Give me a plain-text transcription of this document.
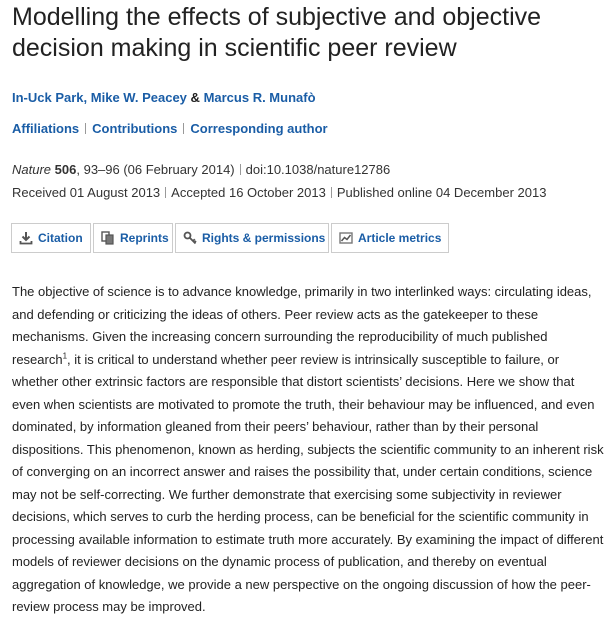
Modelling the effects of subjective and objective decision making in scientific peer review
In-Uck Park, Mike W. Peacey & Marcus R. Munafò
Affiliations Contributions Corresponding author
Nature 506, 93–96 (06 February 2014) doi:10.1038/nature12786
Received 01 August 2013 Accepted 16 October 2013 Published online 04 December 2013
Citation	Reprints	Rights & permissions	Article metrics

The objective of science is to advance knowledge, primarily in two interlinked ways: circulating ideas, and defending or criticizing the ideas of others. Peer review acts as the gatekeeper to these mechanisms. Given the increasing concern surrounding the reproducibility of much published research$^1$, it is critical to understand whether peer review is intrinsically susceptible to failure, or whether other extrinsic factors are responsible that distort scientists’ decisions. Here we show that even when scientists are motivated to promote the truth, their behaviour may be influenced, and even dominated, by information gleaned from their peers’ behaviour, rather than by their personal dispositions. This phenomenon, known as herding, subjects the scientific community to an inherent risk of converging on an incorrect answer and raises the possibility that, under certain conditions, science may not be self-correcting. We further demonstrate that exercising some subjectivity in reviewer decisions, which serves to curb the herding process, can be beneficial for the scientific community in processing available information to estimate truth more accurately. By examining the impact of different models of reviewer decisions on the dynamic process of publication, and thereby on eventual aggregation of knowledge, we provide a new perspective on the ongoing discussion of how the peer-review process may be improved.
